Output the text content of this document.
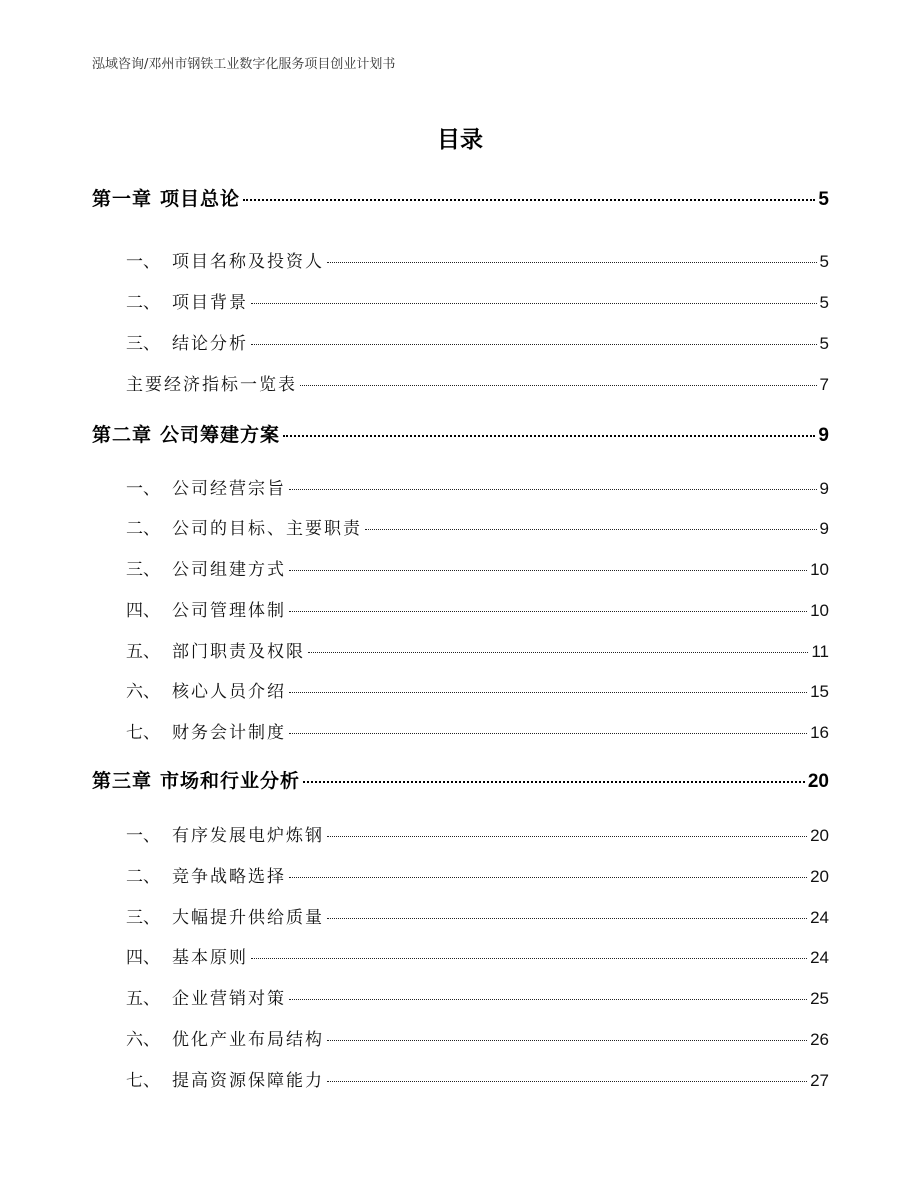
泓域咨询/邓州市钢铁工业数字化服务项目创业计划书
目录
第一章 项目总论	5
一、 项目名称及投资人	5
二、 项目背景	5
三、 结论分析	5
主要经济指标一览表	7
第二章 公司筹建方案	9
一、 公司经营宗旨	9
二、 公司的目标、主要职责	9
三、 公司组建方式	10
四、 公司管理体制	10
五、 部门职责及权限	11
六、 核心人员介绍	15
七、 财务会计制度	16
第三章 市场和行业分析	20
一、 有序发展电炉炼钢	20
二、 竞争战略选择	20
三、 大幅提升供给质量	24
四、 基本原则	24
五、 企业营销对策	25
六、 优化产业布局结构	26
七、 提高资源保障能力	27
